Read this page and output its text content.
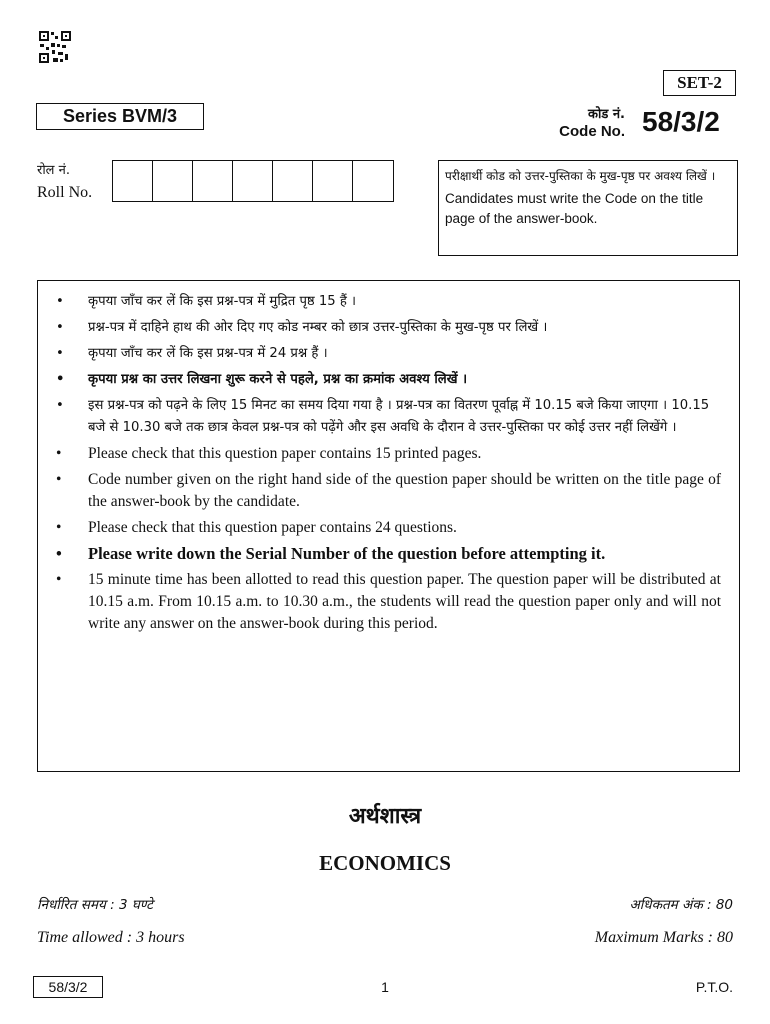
SET-2
Series BVM/3	कोड नं.
Code No. 58/3/2
रोल नं.
Roll No.
परीक्षार्थी कोड को उत्तर-पुस्तिका के मुख-पृष्ठ पर अवश्य लिखें ।
Candidates must write the Code on the title page of the answer-book.
• कृपया जाँच कर लें कि इस प्रश्न-पत्र में मुद्रित पृष्ठ 15 हैं ।
• प्रश्न-पत्र में दाहिने हाथ की ओर दिए गए कोड नम्बर को छात्र उत्तर-पुस्तिका के मुख-पृष्ठ पर लिखें ।
• कृपया जाँच कर लें कि इस प्रश्न-पत्र में 24 प्रश्न हैं ।
• कृपया प्रश्न का उत्तर लिखना शुरू करने से पहले, प्रश्न का क्रमांक अवश्य लिखें ।
• इस प्रश्न-पत्र को पढ़ने के लिए 15 मिनट का समय दिया गया है । प्रश्न-पत्र का वितरण पूर्वाह्न में 10.15 बजे किया जाएगा । 10.15 बजे से 10.30 बजे तक छात्र केवल प्रश्न-पत्र को पढ़ेंगे और इस अवधि के दौरान वे उत्तर-पुस्तिका पर कोई उत्तर नहीं लिखेंगे ।
• Please check that this question paper contains 15 printed pages.
• Code number given on the right hand side of the question paper should be written on the title page of the answer-book by the candidate.
• Please check that this question paper contains 24 questions.
• Please write down the Serial Number of the question before attempting it.
• 15 minute time has been allotted to read this question paper. The question paper will be distributed at 10.15 a.m. From 10.15 a.m. to 10.30 a.m., the students will read the question paper only and will not write any answer on the answer-book during this period.
अर्थशास्त्र
ECONOMICS
निर्धारित समय : 3 घण्टे	अधिकतम अंक : 80
Time allowed : 3 hours	Maximum Marks : 80
58/3/2	1	P.T.O.
